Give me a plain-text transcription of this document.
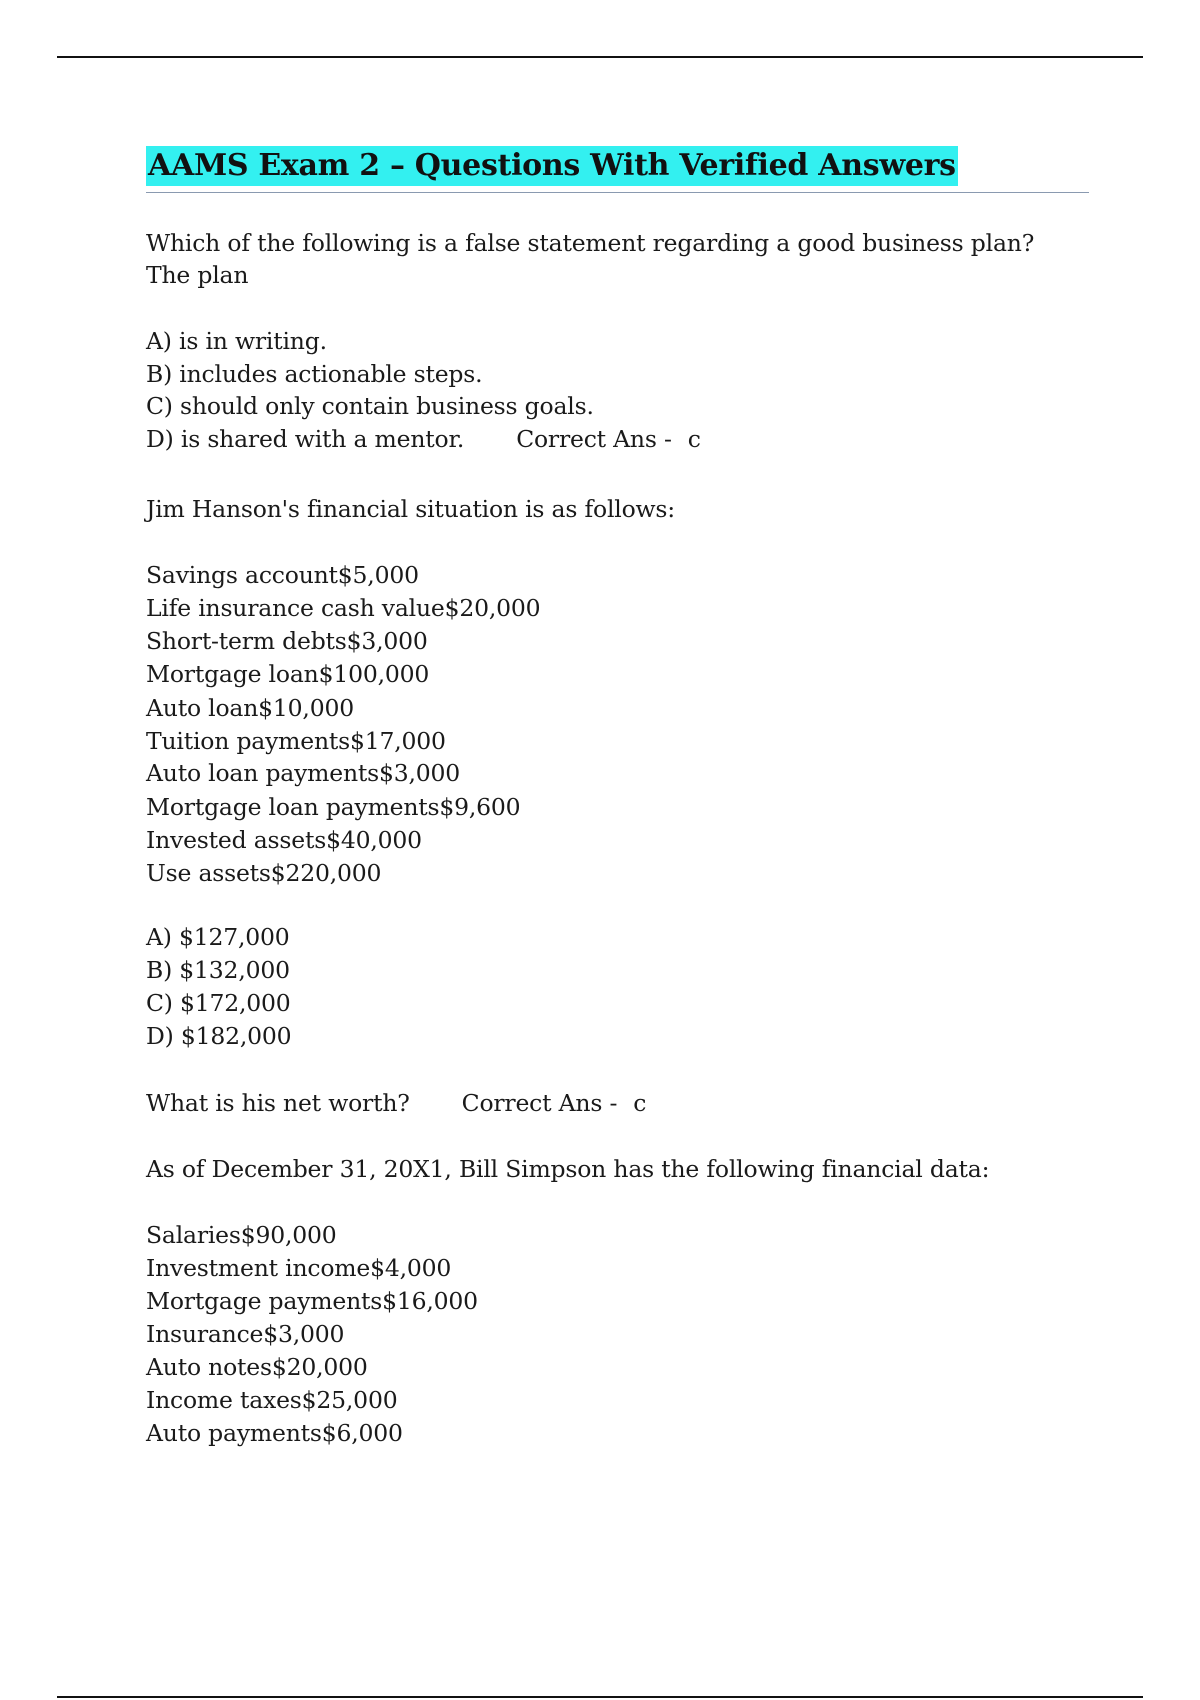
AAMS Exam 2 – Questions With Verified Answers
Which of the following is a false statement regarding a good business plan?
The plan
A) is in writing.
B) includes actionable steps.
C) should only contain business goals.
D) is shared with a mentor. Correct Ans - c
Jim Hanson's financial situation is as follows:
Savings account$5,000
Life insurance cash value$20,000
Short-term debts$3,000
Mortgage loan$100,000
Auto loan$10,000
Tuition payments$17,000
Auto loan payments$3,000
Mortgage loan payments$9,600
Invested assets$40,000
Use assets$220,000
A) $127,000
B) $132,000
C) $172,000
D) $182,000
What is his net worth? Correct Ans - c
As of December 31, 20X1, Bill Simpson has the following financial data:
Salaries$90,000
Investment income$4,000
Mortgage payments$16,000
Insurance$3,000
Auto notes$20,000
Income taxes$25,000
Auto payments$6,000
